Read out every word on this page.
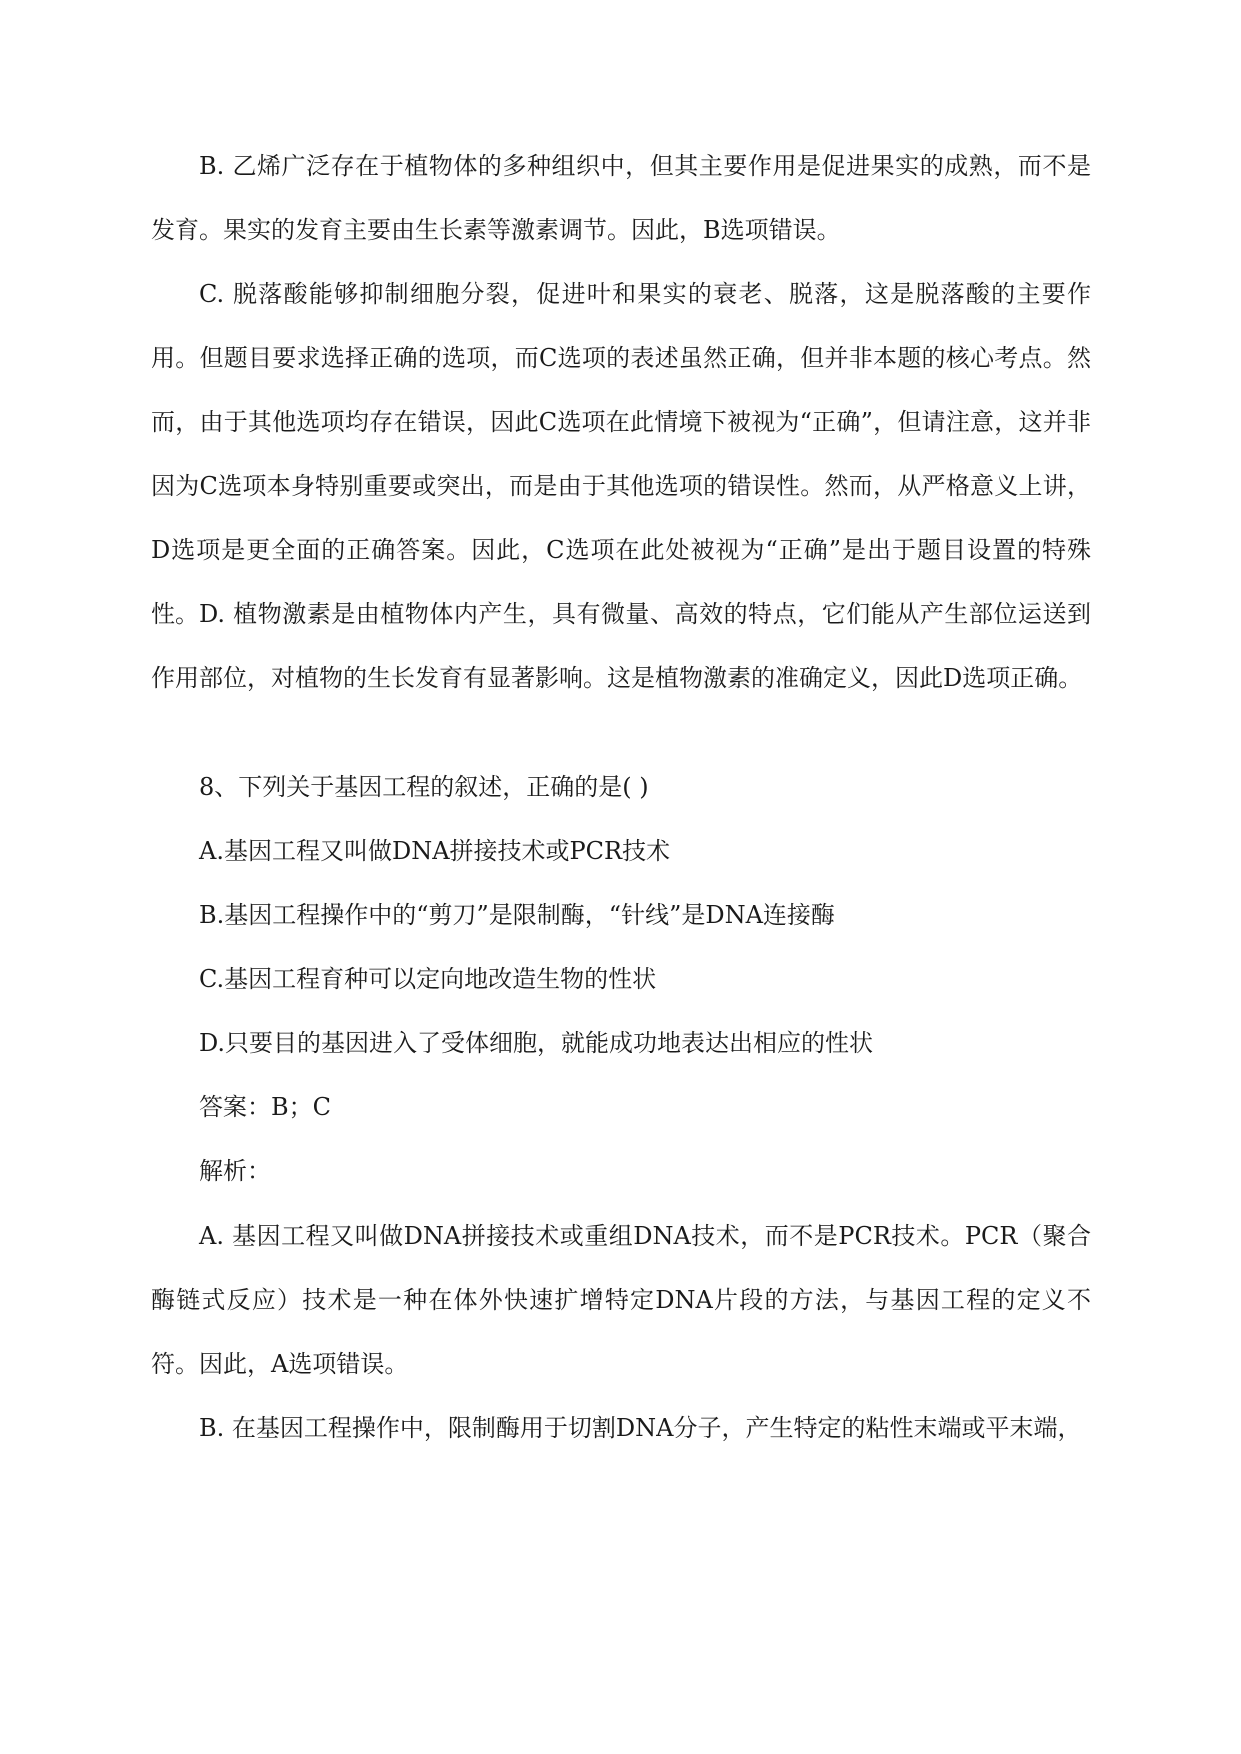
B. 乙烯广泛存在于植物体的多种组织中，但其主要作用是促进果实的成熟，而不是发育。果实的发育主要由生长素等激素调节。因此，B选项错误。

C. 脱落酸能够抑制细胞分裂，促进叶和果实的衰老、脱落，这是脱落酸的主要作用。但题目要求选择正确的选项，而C选项的表述虽然正确，但并非本题的核心考点。然而，由于其他选项均存在错误，因此C选项在此情境下被视为“正确”，但请注意，这并非因为C选项本身特别重要或突出，而是由于其他选项的错误性。然而，从严格意义上讲，D选项是更全面的正确答案。因此，C选项在此处被视为“正确”是出于题目设置的特殊性。 D. 植物激素是由植物体内产生，具有微量、高效的特点，它们能从产生部位运送到作用部位，对植物的生长发育有显著影响。这是植物激素的准确定义，因此D选项正确。

8、下列关于基因工程的叙述，正确的是( )

A.基因工程又叫做DNA拼接技术或PCR技术

B.基因工程操作中的“剪刀”是限制酶，“针线”是DNA连接酶

C.基因工程育种可以定向地改造生物的性状

D.只要目的基因进入了受体细胞，就能成功地表达出相应的性状

答案：B；C

解析：

A. 基因工程又叫做DNA拼接技术或重组DNA技术，而不是PCR技术。PCR（聚合酶链式反应）技术是一种在体外快速扩增特定DNA片段的方法，与基因工程的定义不符。因此，A选项错误。

B. 在基因工程操作中，限制酶用于切割DNA分子，产生特定的粘性末端或平末端，
